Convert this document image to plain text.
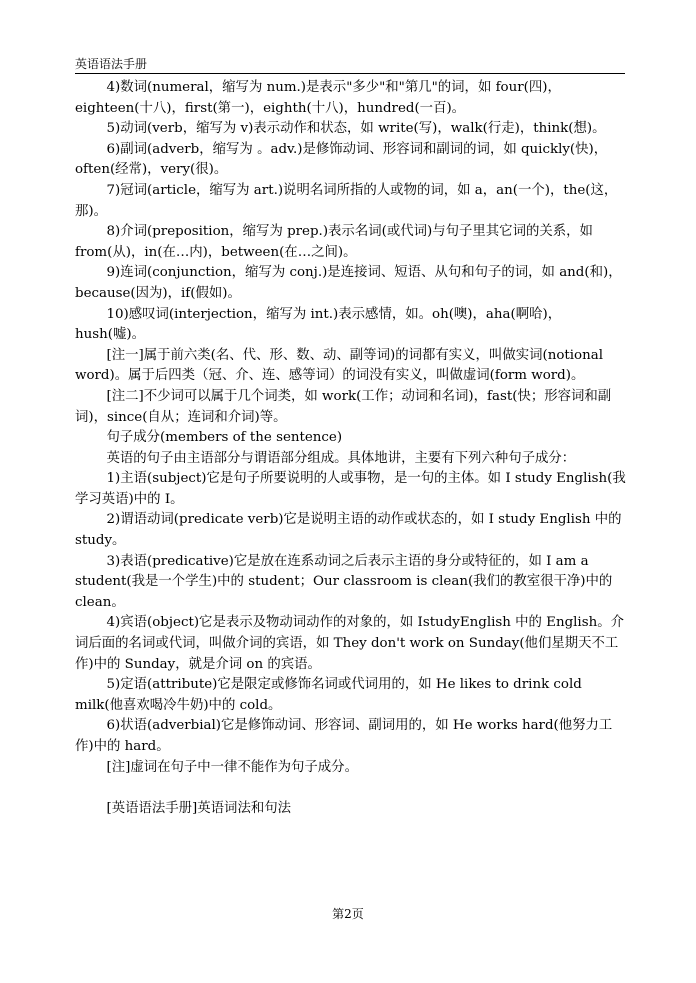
英语语法手册

4)数词(numeral，缩写为 num.)是表示"多少"和"第几"的词，如 four(四)，eighteen(十八)，first(第一)，eighth(十八)，hundred(一百)。

5)动词(verb，缩写为 v)表示动作和状态，如 write(写)，walk(行走)，think(想)。

6)副词(adverb，缩写为 。adv.)是修饰动词、形容词和副词的词，如 quickly(快)，often(经常)，very(很)。

7)冠词(article，缩写为 art.)说明名词所指的人或物的词，如 a，an(一个)，the(这，那)。

8)介词(preposition，缩写为 prep.)表示名词(或代词)与句子里其它词的关系，如 from(从)，in(在…内)，between(在…之间)。

9)连词(conjunction，缩写为 conj.)是连接词、短语、从句和句子的词，如 and(和)，because(因为)，if(假如)。

10)感叹词(interjection，缩写为 int.)表示感情，如。oh(噢)，aha(啊哈)，hush(嘘)。

[注一]属于前六类(名、代、形、数、动、副等词)的词都有实义，叫做实词(notional word)。属于后四类（冠、介、连、感等词）的词没有实义，叫做虚词(form word)。

[注二]不少词可以属于几个词类，如 work(工作；动词和名词)，fast(快；形容词和副词)，since(自从；连词和介词)等。

句子成分(members of the sentence)

英语的句子由主语部分与谓语部分组成。具体地讲，主要有下列六种句子成分：

1)主语(subject)它是句子所要说明的人或事物，是一句的主体。如 I study English(我学习英语)中的 I。

2)谓语动词(predicate verb)它是说明主语的动作或状态的，如 I study English 中的 study。

3)表语(predicative)它是放在连系动词之后表示主语的身分或特征的，如 I am a student(我是一个学生)中的 student；Our classroom is clean(我们的教室很干净)中的 clean。

4)宾语(object)它是表示及物动词动作的对象的，如 IstudyEnglish 中的 English。介词后面的名词或代词，叫做介词的宾语，如 They don't work on Sunday(他们星期天不工作)中的 Sunday，就是介词 on 的宾语。

5)定语(attribute)它是限定或修饰名词或代词用的，如 He likes to drink cold milk(他喜欢喝冷牛奶)中的 cold。

6)状语(adverbial)它是修饰动词、形容词、副词用的，如 He works hard(他努力工作)中的 hard。

[注]虚词在句子中一律不能作为句子成分。

[英语语法手册]英语词法和句法

第2页
